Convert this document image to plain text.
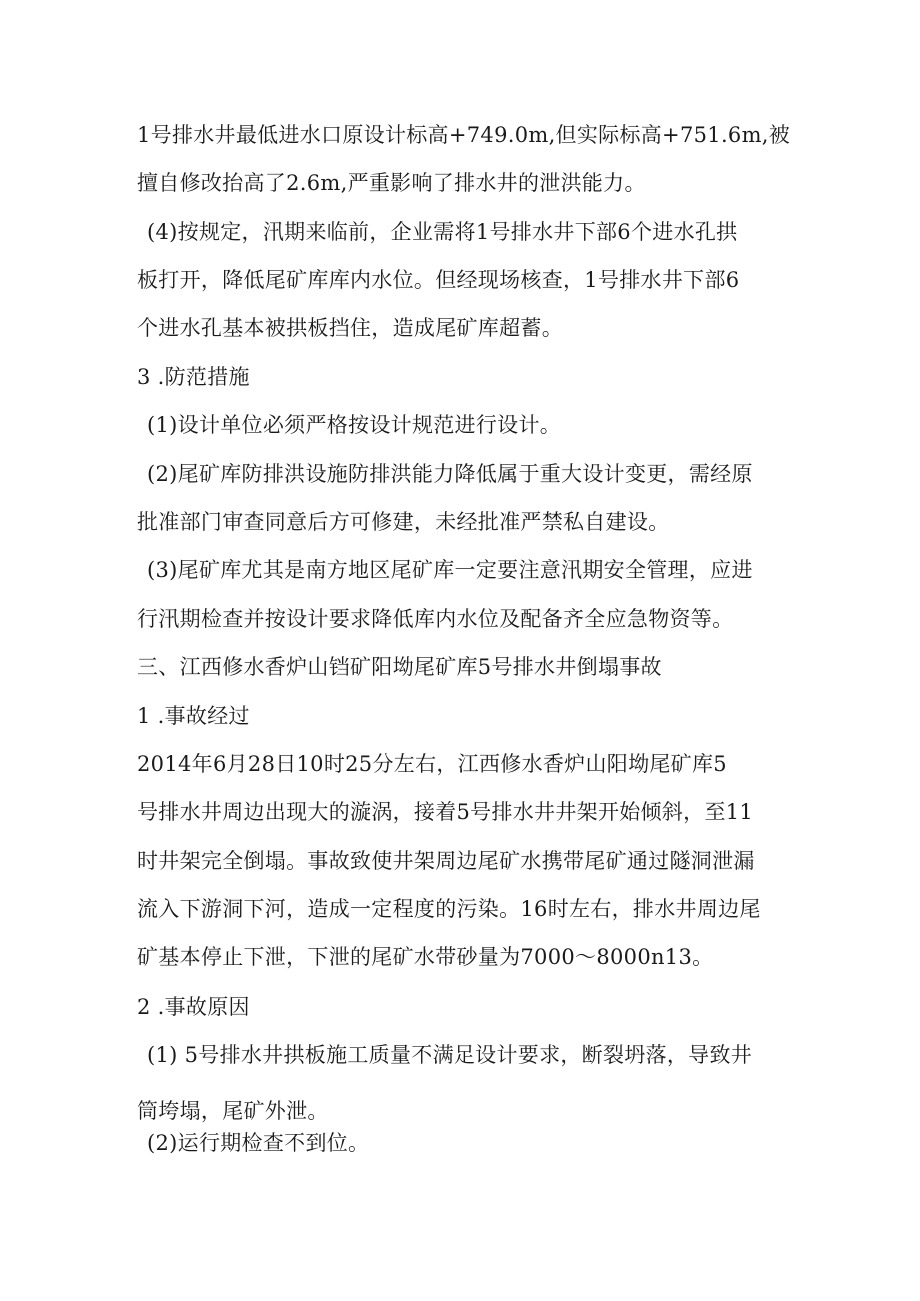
1号排水井最低进水口原设计标高+749.0m,但实际标高+751.6m,被
擅自修改抬高了2.6m,严重影响了排水井的泄洪能力。
(4)按规定，汛期来临前，企业需将1号排水井下部6个进水孔拱
板打开，降低尾矿库库内水位。但经现场核查，1号排水井下部6
个进水孔基本被拱板挡住，造成尾矿库超蓄。
3 .防范措施
(1)设计单位必须严格按设计规范进行设计。
(2)尾矿库防排洪设施防排洪能力降低属于重大设计变更，需经原
批准部门审查同意后方可修建，未经批准严禁私自建设。
(3)尾矿库尤其是南方地区尾矿库一定要注意汛期安全管理，应进
行汛期检查并按设计要求降低库内水位及配备齐全应急物资等。
三、江西修水香炉山铛矿阳坳尾矿库5号排水井倒塌事故
1 .事故经过
2014年6月28日10时25分左右，江西修水香炉山阳坳尾矿库5
号排水井周边出现大的漩涡，接着5号排水井井架开始倾斜，至11
时井架完全倒塌。事故致使井架周边尾矿水携带尾矿通过隧洞泄漏
流入下游洞下河，造成一定程度的污染。16时左右，排水井周边尾
矿基本停止下泄，下泄的尾矿水带砂量为7000～8000n13。
2 .事故原因
(1) 5号排水井拱板施工质量不满足设计要求，断裂坍落，导致井
筒垮塌，尾矿外泄。
(2)运行期检查不到位。
